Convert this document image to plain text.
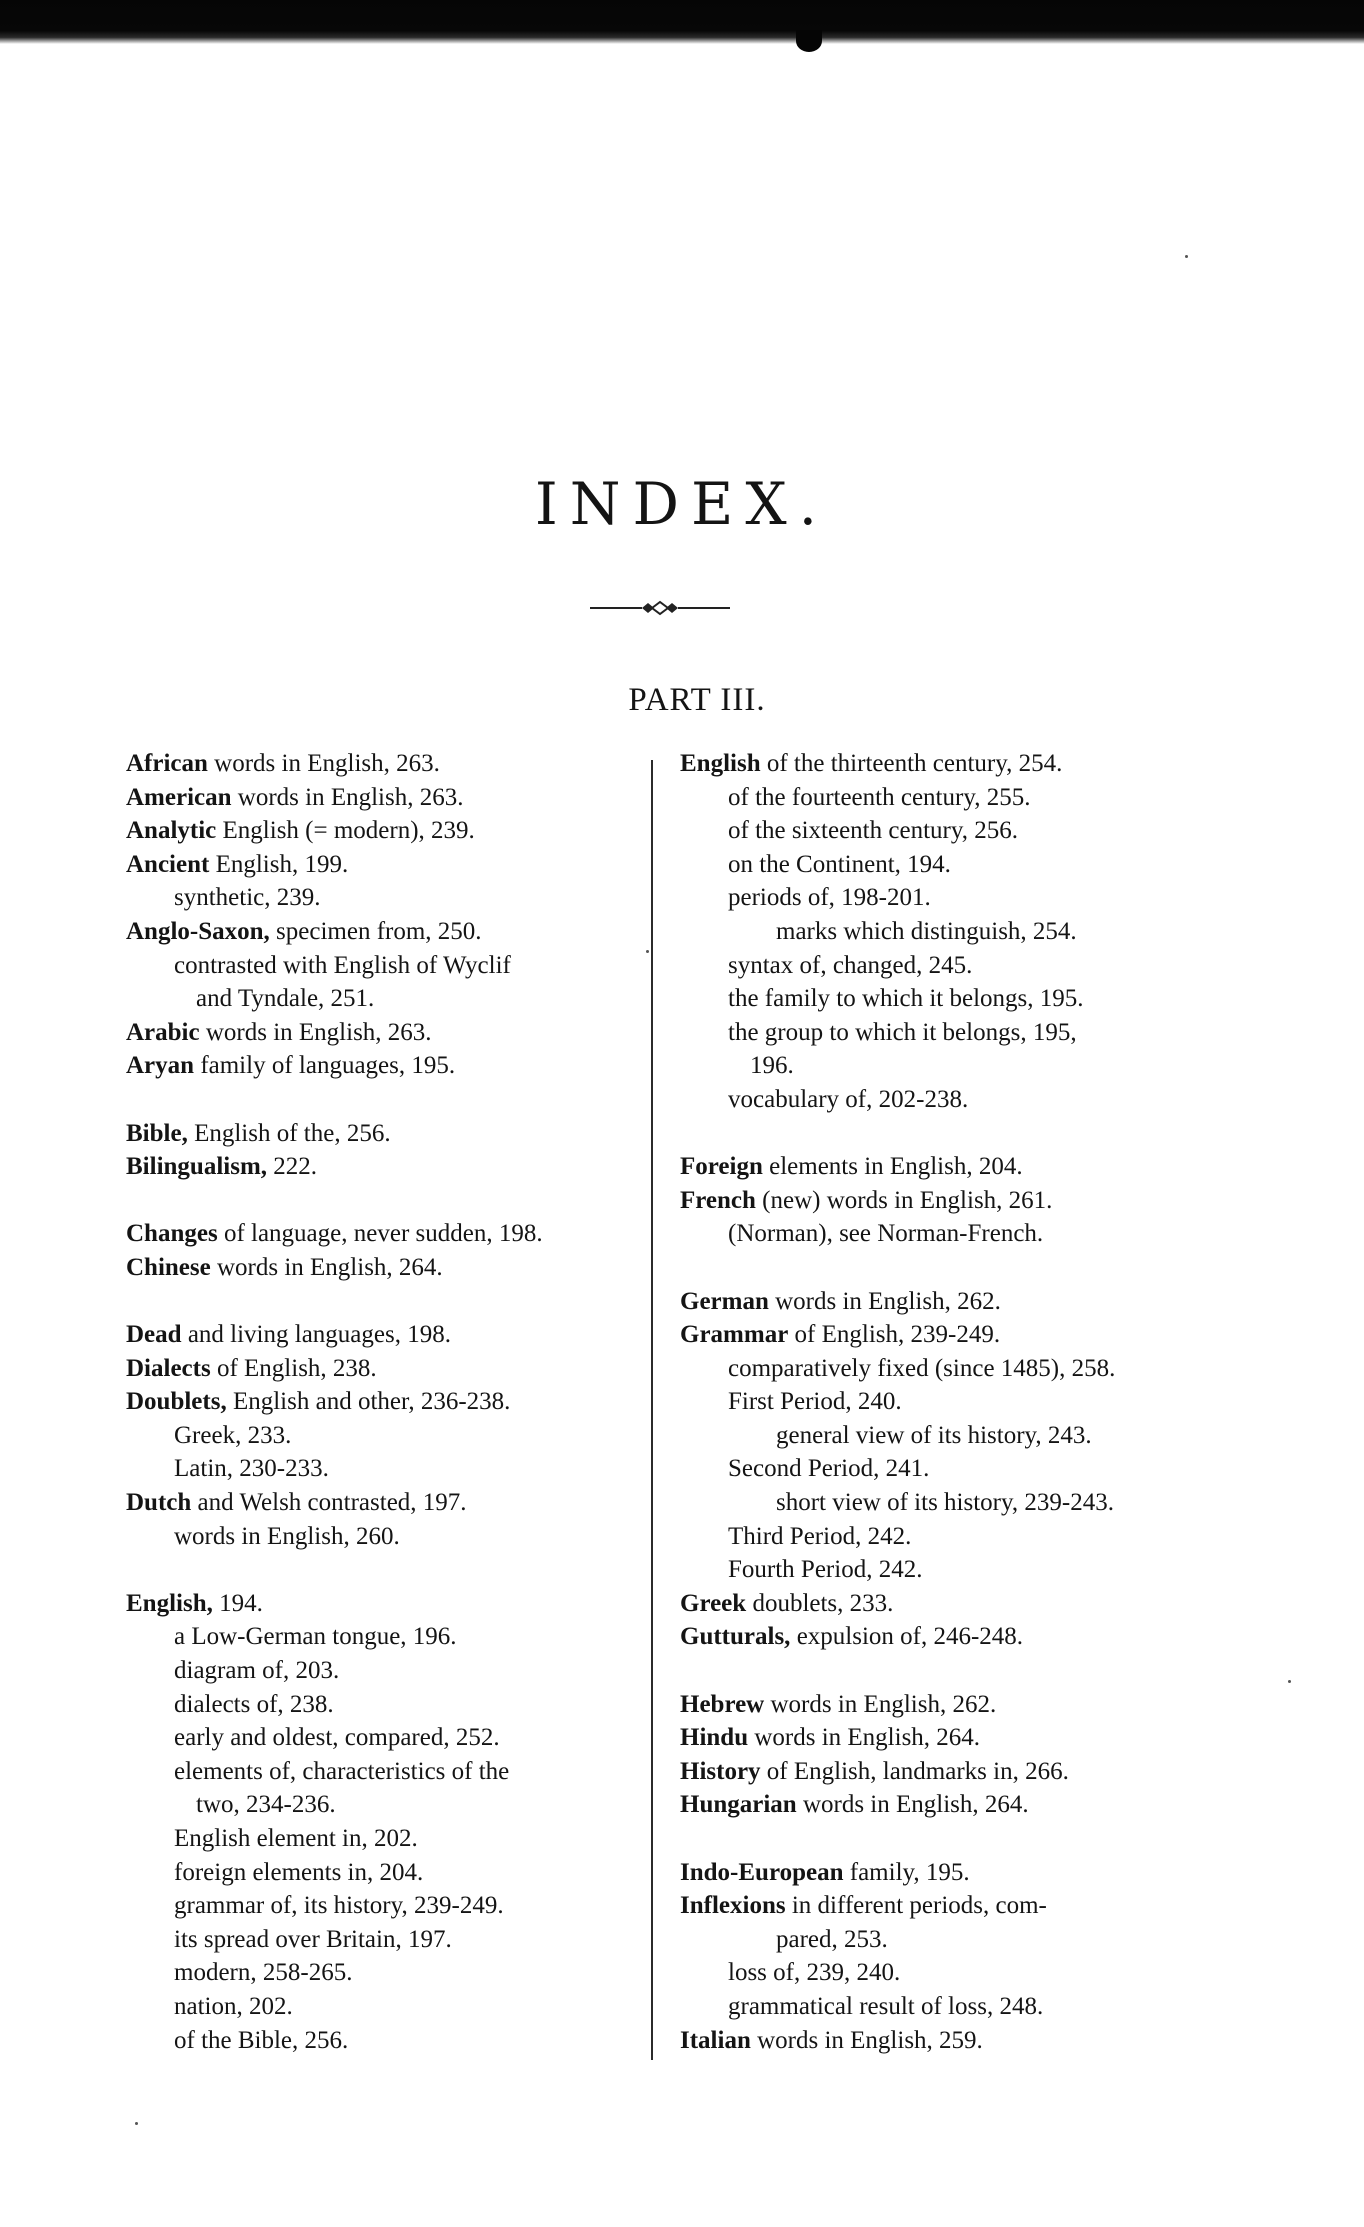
INDEX.
PART III.
African words in English, 263.
American words in English, 263.
Analytic English (= modern), 239.
Ancient English, 199.
synthetic, 239.
Anglo-Saxon, specimen from, 250.
contrasted with English of Wyclif
and Tyndale, 251.
Arabic words in English, 263.
Aryan family of languages, 195.
Bible, English of the, 256.
Bilingualism, 222.
Changes of language, never sudden, 198.
Chinese words in English, 264.
Dead and living languages, 198.
Dialects of English, 238.
Doublets, English and other, 236-238.
Greek, 233.
Latin, 230-233.
Dutch and Welsh contrasted, 197.
words in English, 260.
English, 194.
a Low-German tongue, 196.
diagram of, 203.
dialects of, 238.
early and oldest, compared, 252.
elements of, characteristics of the
two, 234-236.
English element in, 202.
foreign elements in, 204.
grammar of, its history, 239-249.
its spread over Britain, 197.
modern, 258-265.
nation, 202.
of the Bible, 256.
English of the thirteenth century, 254.
of the fourteenth century, 255.
of the sixteenth century, 256.
on the Continent, 194.
periods of, 198-201.
marks which distinguish, 254.
syntax of, changed, 245.
the family to which it belongs, 195.
the group to which it belongs, 195,
196.
vocabulary of, 202-238.
Foreign elements in English, 204.
French (new) words in English, 261.
(Norman), see Norman-French.
German words in English, 262.
Grammar of English, 239-249.
comparatively fixed (since 1485), 258.
First Period, 240.
general view of its history, 243.
Second Period, 241.
short view of its history, 239-243.
Third Period, 242.
Fourth Period, 242.
Greek doublets, 233.
Gutturals, expulsion of, 246-248.
Hebrew words in English, 262.
Hindu words in English, 264.
History of English, landmarks in, 266.
Hungarian words in English, 264.
Indo-European family, 195.
Inflexions in different periods, com-
pared, 253.
loss of, 239, 240.
grammatical result of loss, 248.
Italian words in English, 259.
